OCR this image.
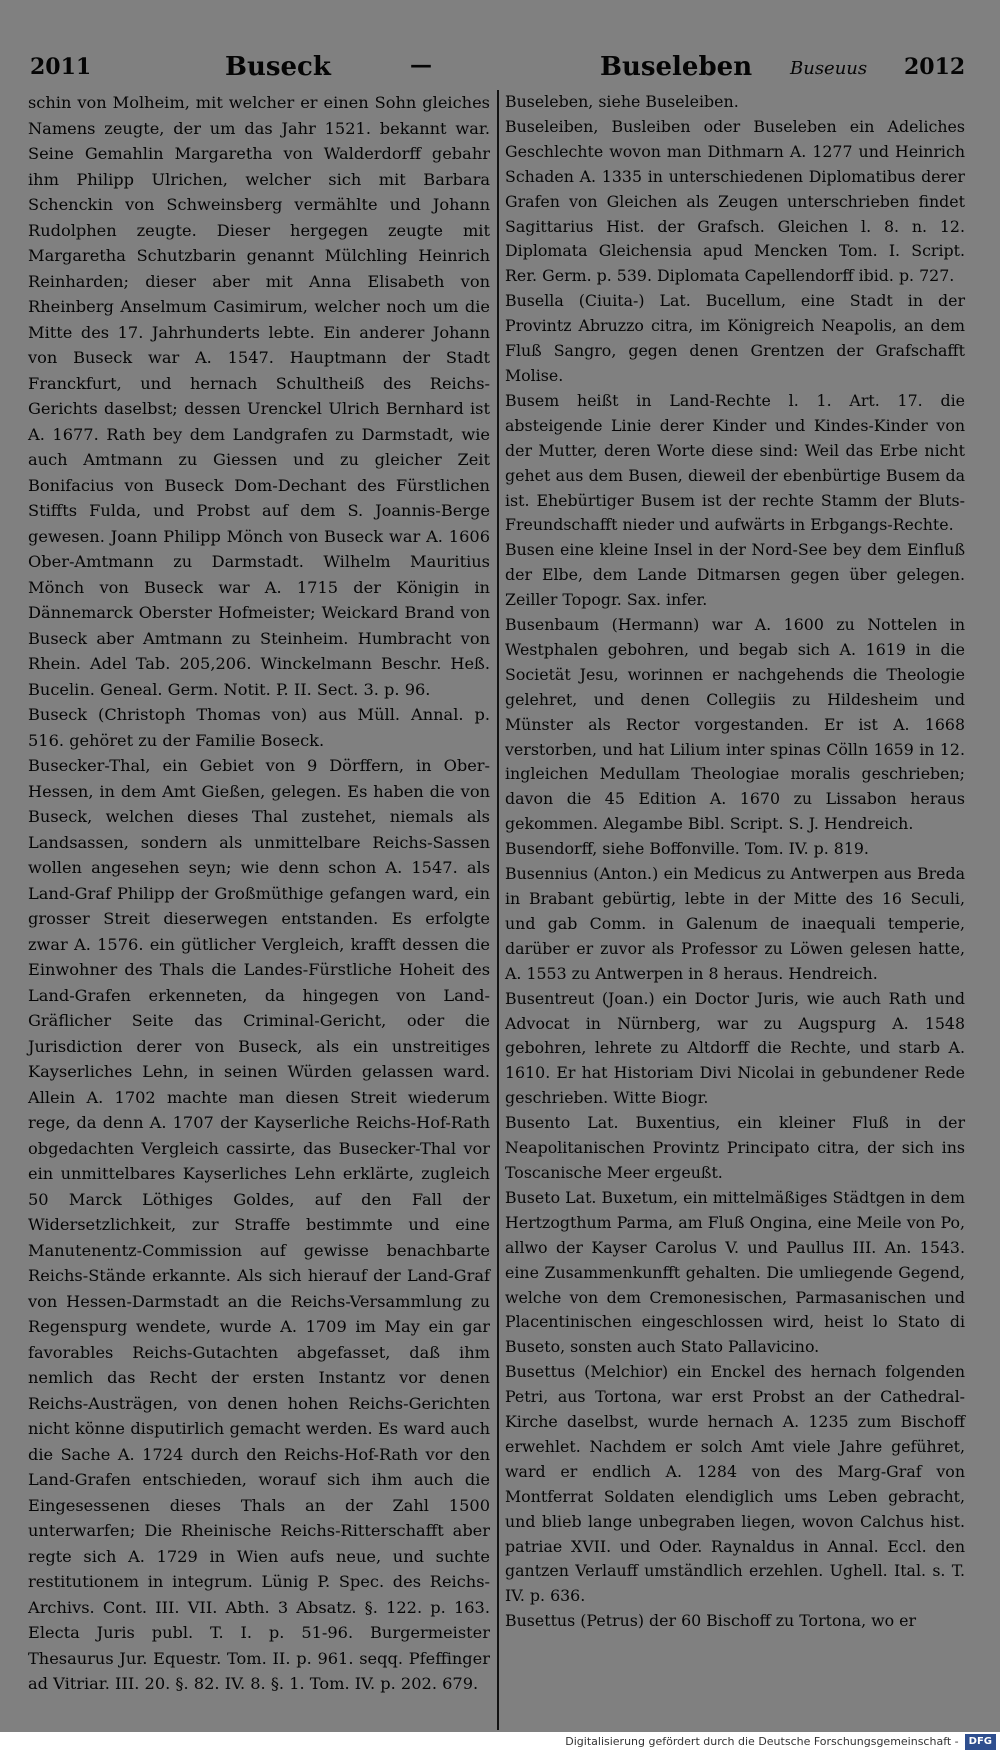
2011	Buseck	—	Buseleben Buseuus 2012

schin von Molheim, mit welcher er einen Sohn gleiches Namens zeugte, der um das Jahr 1521. bekannt war. Seine Gemahlin Margaretha von Walderdorff gebahr ihm Philipp Ulrichen, welcher sich mit Barbara Schenckin von Schweinsberg vermählte und Johann Rudolphen zeugte. Dieser hergegen zeugte mit Margaretha Schutzbarin genannt Mülchling Heinrich Reinharden; dieser aber mit Anna Elisabeth von Rheinberg Anselmum Casimirum, welcher noch um die Mitte des 17. Jahrhunderts lebte. Ein anderer Johann von Buseck war A. 1547. Hauptmann der Stadt Franckfurt, und hernach Schultheiß des Reichs-Gerichts daselbst; dessen Urenckel Ulrich Bernhard ist A. 1677. Rath bey dem Landgrafen zu Darmstadt, wie auch Amtmann zu Giessen und zu gleicher Zeit Bonifacius von Buseck Dom-Dechant des Fürstlichen Stiffts Fulda, und Probst auf dem S. Joannis-Berge gewesen. Joann Philipp Mönch von Buseck war A. 1606 Ober-Amtmann zu Darmstadt. Wilhelm Mauritius Mönch von Buseck war A. 1715 der Königin in Dännemarck Oberster Hofmeister; Weickard Brand von Buseck aber Amtmann zu Steinheim. Humbracht von Rhein. Adel Tab. 205,206. Winckelmann Beschr. Heß. Bucelin. Geneal. Germ. Notit. P. II. Sect. 3. p. 96.

Buseck (Christoph Thomas von) aus Müll. Annal. p. 516. gehöret zu der Familie Boseck.

Busecker-Thal, ein Gebiet von 9 Dörffern, in Ober-Hessen, in dem Amt Gießen, gelegen. Es haben die von Buseck, welchen dieses Thal zustehet, niemals als Landsassen, sondern als unmittelbare Reichs-Sassen wollen angesehen seyn; wie denn schon A. 1547. als Land-Graf Philipp der Großmüthige gefangen ward, ein grosser Streit dieserwegen entstanden. Es erfolgte zwar A. 1576. ein gütlicher Vergleich, krafft dessen die Einwohner des Thals die Landes-Fürstliche Hoheit des Land-Grafen erkenneten, da hingegen von Land-Gräflicher Seite das Criminal-Gericht, oder die Jurisdiction derer von Buseck, als ein unstreitiges Kayserliches Lehn, in seinen Würden gelassen ward. Allein A. 1702 machte man diesen Streit wiederum rege, da denn A. 1707 der Kayserliche Reichs-Hof-Rath obgedachten Vergleich cassirte, das Busecker-Thal vor ein unmittelbares Kayserliches Lehn erklärte, zugleich 50 Marck Löthiges Goldes, auf den Fall der Widersetzlichkeit, zur Straffe bestimmte und eine Manutenentz-Commission auf gewisse benachbarte Reichs-Stände erkannte. Als sich hierauf der Land-Graf von Hessen-Darmstadt an die Reichs-Versammlung zu Regenspurg wendete, wurde A. 1709 im May ein gar favorables Reichs-Gutachten abgefasset, daß ihm nemlich das Recht der ersten Instantz vor denen Reichs-Austrägen, von denen hohen Reichs-Gerichten nicht könne disputirlich gemacht werden. Es ward auch die Sache A. 1724 durch den Reichs-Hof-Rath vor den Land-Grafen entschieden, worauf sich ihm auch die Eingesessenen dieses Thals an der Zahl 1500 unterwarfen; Die Rheinische Reichs-Ritterschafft aber regte sich A. 1729 in Wien aufs neue, und suchte restitutionem in integrum. Lünig P. Spec. des Reichs-Archivs. Cont. III. VII. Abth. 3 Absatz. §. 122. p. 163. Electa Juris publ. T. I. p. 51-96. Burgermeister Thesaurus Jur. Equestr. Tom. II. p. 961. seqq. Pfeffinger ad Vitriar. III. 20. §. 82. IV. 8. §. 1. Tom. IV. p. 202. 679.

Buseleben, siehe Buseleiben.

Buseleiben, Busleiben oder Buseleben ein Adeliches Geschlechte wovon man Dithmarn A. 1277 und Heinrich Schaden A. 1335 in unterschiedenen Diplomatibus derer Grafen von Gleichen als Zeugen unterschrieben findet Sagittarius Hist. der Grafsch. Gleichen l. 8. n. 12. Diplomata Gleichensia apud Mencken Tom. I. Script. Rer. Germ. p. 539. Diplomata Capellendorff ibid. p. 727.

Busella (Ciuita-) Lat. Bucellum, eine Stadt in der Provintz Abruzzo citra, im Königreich Neapolis, an dem Fluß Sangro, gegen denen Grentzen der Grafschafft Molise.

Busem heißt in Land-Rechte l. 1. Art. 17. die absteigende Linie derer Kinder und Kindes-Kinder von der Mutter, deren Worte diese sind: Weil das Erbe nicht gehet aus dem Busen, dieweil der ebenbürtige Busem da ist. Ehebürtiger Busem ist der rechte Stamm der Bluts-Freundschafft nieder und aufwärts in Erbgangs-Rechte.

Busen eine kleine Insel in der Nord-See bey dem Einfluß der Elbe, dem Lande Ditmarsen gegen über gelegen. Zeiller Topogr. Sax. infer.

Busenbaum (Hermann) war A. 1600 zu Nottelen in Westphalen gebohren, und begab sich A. 1619 in die Societät Jesu, worinnen er nachgehends die Theologie gelehret, und denen Collegiis zu Hildesheim und Münster als Rector vorgestanden. Er ist A. 1668 verstorben, und hat Lilium inter spinas Cölln 1659 in 12. ingleichen Medullam Theologiae moralis geschrieben; davon die 45 Edition A. 1670 zu Lissabon heraus gekommen. Alegambe Bibl. Script. S. J. Hendreich.

Busendorff, siehe Boffonville. Tom. IV. p. 819.

Busennius (Anton.) ein Medicus zu Antwerpen aus Breda in Brabant gebürtig, lebte in der Mitte des 16 Seculi, und gab Comm. in Galenum de inaequali temperie, darüber er zuvor als Professor zu Löwen gelesen hatte, A. 1553 zu Antwerpen in 8 heraus. Hendreich.

Busentreut (Joan.) ein Doctor Juris, wie auch Rath und Advocat in Nürnberg, war zu Augspurg A. 1548 gebohren, lehrete zu Altdorff die Rechte, und starb A. 1610. Er hat Historiam Divi Nicolai in gebundener Rede geschrieben. Witte Biogr.

Busento Lat. Buxentius, ein kleiner Fluß in der Neapolitanischen Provintz Principato citra, der sich ins Toscanische Meer ergeußt.

Buseto Lat. Buxetum, ein mittelmäßiges Städtgen in dem Hertzogthum Parma, am Fluß Ongina, eine Meile von Po, allwo der Kayser Carolus V. und Paullus III. An. 1543. eine Zusammenkunfft gehalten. Die umliegende Gegend, welche von dem Cremonesischen, Parmasanischen und Placentinischen eingeschlossen wird, heist lo Stato di Buseto, sonsten auch Stato Pallavicino.

Busettus (Melchior) ein Enckel des hernach folgenden Petri, aus Tortona, war erst Probst an der Cathedral-Kirche daselbst, wurde hernach A. 1235 zum Bischoff erwehlet. Nachdem er solch Amt viele Jahre geführet, ward er endlich A. 1284 von des Marg-Graf von Montferrat Soldaten elendiglich ums Leben gebracht, und blieb lange unbegraben liegen, wovon Calchus hist. patriae XVII. und Oder. Raynaldus in Annal. Eccl. den gantzen Verlauff umständlich erzehlen. Ughell. Ital. s. T. IV. p. 636.

Busettus (Petrus) der 60 Bischoff zu Tortona, wo er

Digitalisierung gefördert durch die Deutsche Forschungsgemeinschaft - DFG
